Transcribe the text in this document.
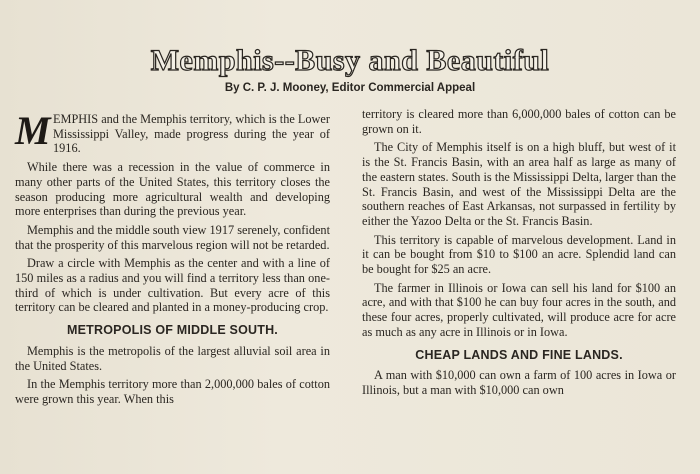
Memphis--Busy and Beautiful
By C. P. J. Mooney, Editor Commercial Appeal

MEMPHIS and the Memphis territory, which is the Lower Mississippi Valley, made progress during the year of 1916.

While there was a recession in the value of commerce in many other parts of the United States, this territory closes the season producing more agricultural wealth and developing more enterprises than during the previous year.

Memphis and the middle south view 1917 serenely, confident that the prosperity of this marvelous region will not be retarded.

Draw a circle with Memphis as the center and with a line of 150 miles as a radius and you will find a territory less than one-third of which is under cultivation. But every acre of this territory can be cleared and planted in a money-producing crop.

METROPOLIS OF MIDDLE SOUTH.

Memphis is the metropolis of the largest alluvial soil area in the United States.

In the Memphis territory more than 2,000,000 bales of cotton were grown this year. When this

territory is cleared more than 6,000,000 bales of cotton can be grown on it.

The City of Memphis itself is on a high bluff, but west of it is the St. Francis Basin, with an area half as large as many of the eastern states. South is the Mississippi Delta, larger than the St. Francis Basin, and west of the Mississippi Delta are the southern reaches of East Arkansas, not surpassed in fertility by either the Yazoo Delta or the St. Francis Basin.

This territory is capable of marvelous development. Land in it can be bought from $10 to $100 an acre. Splendid land can be bought for $25 an acre.

The farmer in Illinois or Iowa can sell his land for $100 an acre, and with that $100 he can buy four acres in the south, and these four acres, properly cultivated, will produce acre for acre as much as any acre in Illinois or in Iowa.

CHEAP LANDS AND FINE LANDS.

A man with $10,000 can own a farm of 100 acres in Iowa or Illinois, but a man with $10,000 can own
